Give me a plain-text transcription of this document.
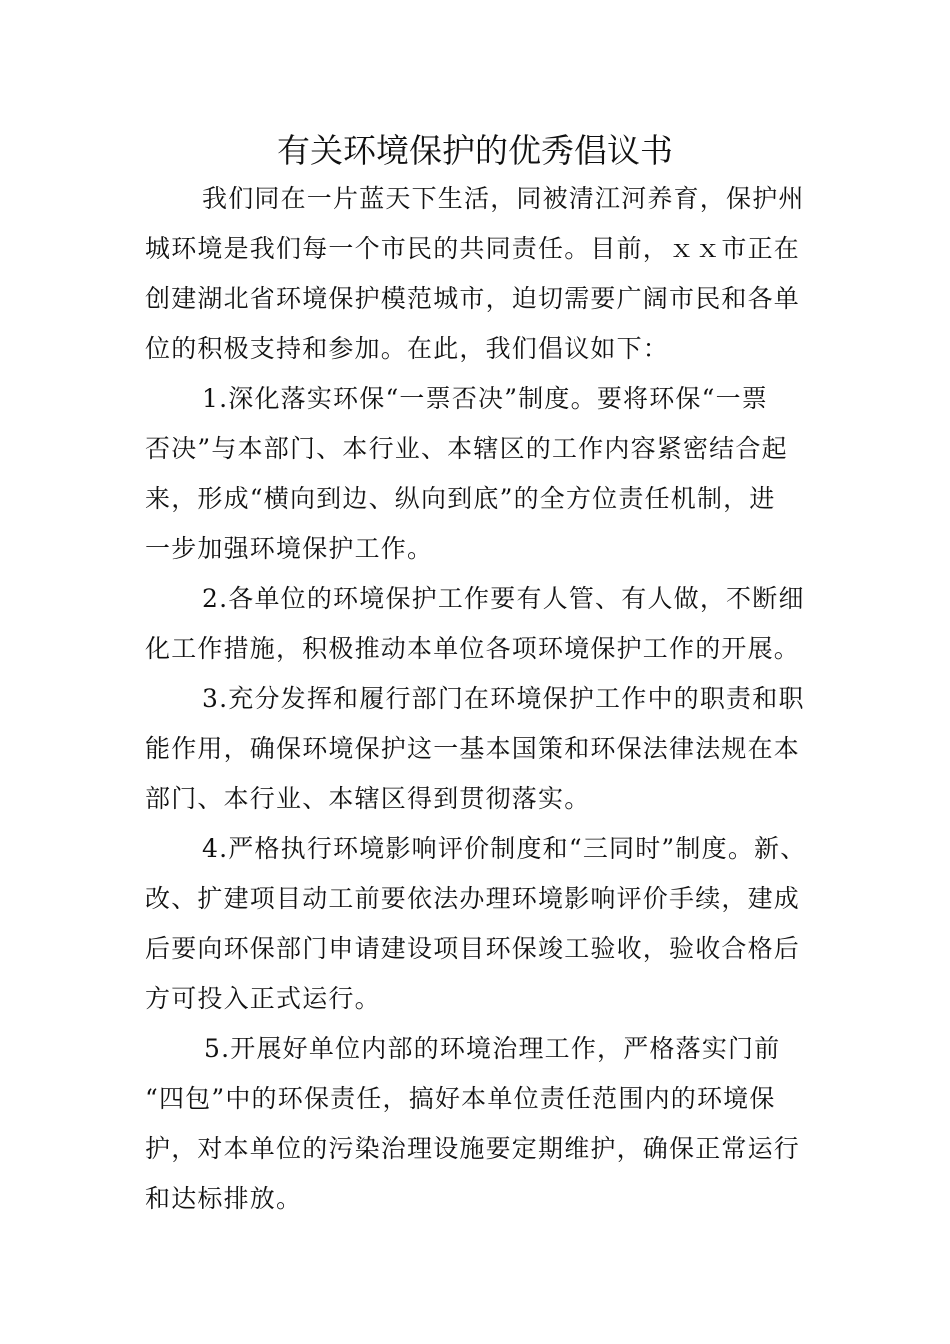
有关环境保护的优秀倡议书
我们同在一片蓝天下生活，同被清江河养育，保护州
城环境是我们每一个市民的共同责任。目前，ｘｘ市正在
创建湖北省环境保护模范城市，迫切需要广阔市民和各单
位的积极支持和参加。在此，我们倡议如下：
1.深化落实环保“一票否决”制度。要将环保“一票
否决”与本部门、本行业、本辖区的工作内容紧密结合起
来，形成“横向到边、纵向到底”的全方位责任机制，进
一步加强环境保护工作。
2.各单位的环境保护工作要有人管、有人做，不断细
化工作措施，积极推动本单位各项环境保护工作的开展。
3.充分发挥和履行部门在环境保护工作中的职责和职
能作用，确保环境保护这一基本国策和环保法律法规在本
部门、本行业、本辖区得到贯彻落实。
4.严格执行环境影响评价制度和“三同时”制度。新、
改、扩建项目动工前要依法办理环境影响评价手续，建成
后要向环保部门申请建设项目环保竣工验收，验收合格后
方可投入正式运行。
5.开展好单位内部的环境治理工作，严格落实门前
“四包”中的环保责任，搞好本单位责任范围内的环境保
护，对本单位的污染治理设施要定期维护，确保正常运行
和达标排放。
